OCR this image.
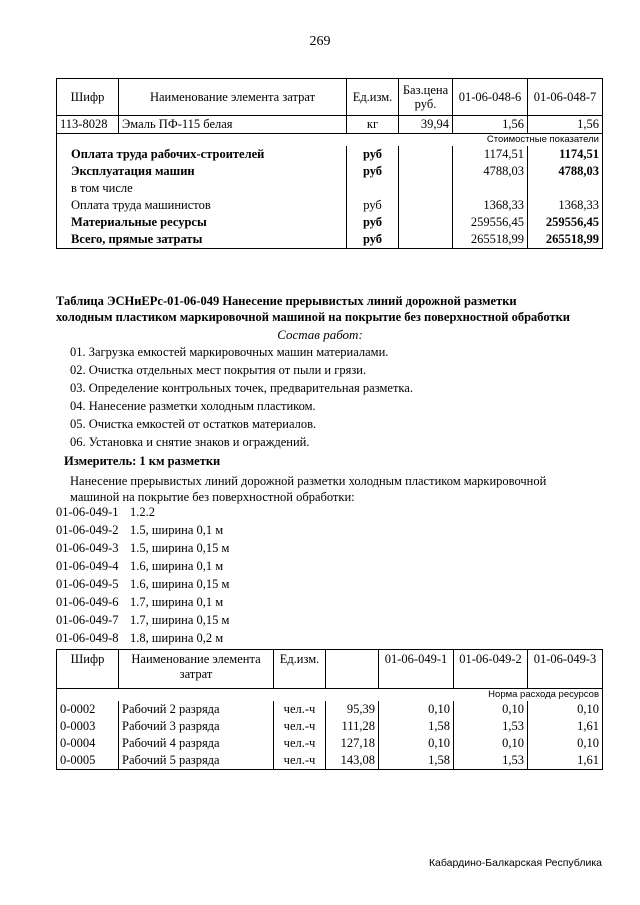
269
Шифр	Наименование элемента затрат	Ед.изм.	Баз.цена руб.	01-06-048-6	01-06-048-7
113-8028	Эмаль ПФ-115 белая	кг	39,94	1,56	1,56
Стоимостные показатели					
Оплата труда рабочих-строителей		руб		1174,51	1174,51
Эксплуатация машин		руб		4788,03	4788,03
в том числе					
Оплата труда машинистов		руб		1368,33	1368,33
Материальные ресурсы		руб		259556,45	259556,45
Всего, прямые затраты		руб		265518,99	265518,99
Таблица ЭСНиЕРс-01-06-049 Нанесение прерывистых линий дорожной разметки
холодным пластиком маркировочной машиной на покрытие без поверхностной обработки
Состав работ:
01. Загрузка емкостей маркировочных машин материалами.
02. Очистка отдельных мест покрытия от пыли и грязи.
03. Определение контрольных точек, предварительная разметка.
04. Нанесение разметки холодным пластиком.
05. Очистка емкостей от остатков материалов.
06. Установка и снятие знаков и ограждений.
Измеритель: 1 км разметки
Нанесение прерывистых линий дорожной разметки холодным пластиком маркировочной
машиной на покрытие без поверхностной обработки:
01-06-049-1 1.2.2
01-06-049-2 1.5, ширина 0,1 м
01-06-049-3 1.5, ширина 0,15 м
01-06-049-4 1.6, ширина 0,1 м
01-06-049-5 1.6, ширина 0,15 м
01-06-049-6 1.7, ширина 0,1 м
01-06-049-7 1.7, ширина 0,15 м
01-06-049-8 1.8, ширина 0,2 м
Шифр	Наименование элемента затрат	Ед.изм.		01-06-049-1	01-06-049-2	01-06-049-3
Норма расхода ресурсов						
0-0002	Рабочий 2 разряда	чел.-ч	95,39	0,10	0,10	0,10
0-0003	Рабочий 3 разряда	чел.-ч	111,28	1,58	1,53	1,61
0-0004	Рабочий 4 разряда	чел.-ч	127,18	0,10	0,10	0,10
0-0005	Рабочий 5 разряда	чел.-ч	143,08	1,58	1,53	1,61
Кабардино-Балкарская Республика
